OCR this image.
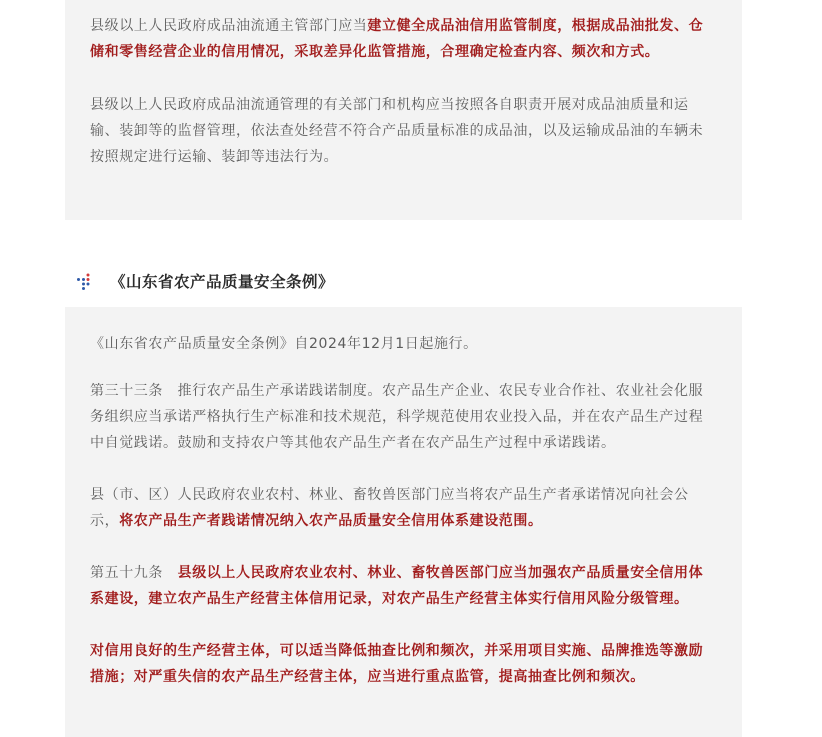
县级以上人民政府成品油流通主管部门应当建立健全成品油信用监管制度，根据成品油批发、仓储和零售经营企业的信用情况，采取差异化监管措施，合理确定检查内容、频次和方式。

县级以上人民政府成品油流通管理的有关部门和机构应当按照各自职责开展对成品油质量和运输、装卸等的监督管理，依法查处经营不符合产品质量标准的成品油，以及运输成品油的车辆未按照规定进行运输、装卸等违法行为。

《山东省农产品质量安全条例》

《山东省农产品质量安全条例》自2024年12月1日起施行。

第三十三条　推行农产品生产承诺践诺制度。农产品生产企业、农民专业合作社、农业社会化服务组织应当承诺严格执行生产标准和技术规范，科学规范使用农业投入品，并在农产品生产过程中自觉践诺。鼓励和支持农户等其他农产品生产者在农产品生产过程中承诺践诺。

县（市、区）人民政府农业农村、林业、畜牧兽医部门应当将农产品生产者承诺情况向社会公示，将农产品生产者践诺情况纳入农产品质量安全信用体系建设范围。

第五十九条　县级以上人民政府农业农村、林业、畜牧兽医部门应当加强农产品质量安全信用体系建设，建立农产品生产经营主体信用记录，对农产品生产经营主体实行信用风险分级管理。

对信用良好的生产经营主体，可以适当降低抽查比例和频次，并采用项目实施、品牌推选等激励措施；对严重失信的农产品生产经营主体，应当进行重点监管，提高抽查比例和频次。
